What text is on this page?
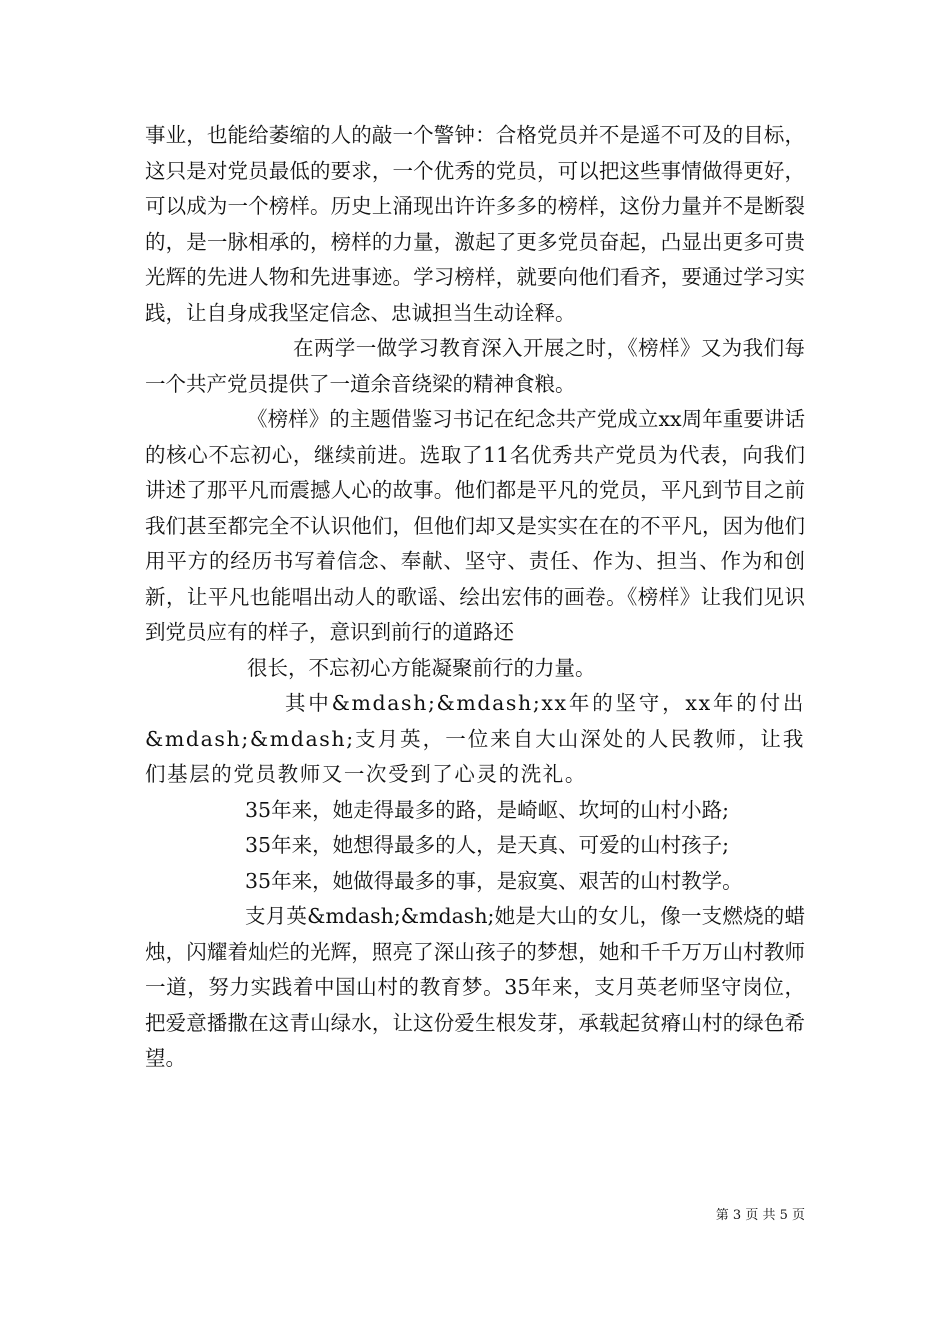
事业，也能给萎缩的人的敲一个警钟：合格党员并不是遥不可及的目标，这只是对党员最低的要求，一个优秀的党员，可以把这些事情做得更好，可以成为一个榜样。历史上涌现出许许多多的榜样，这份力量并不是断裂的，是一脉相承的，榜样的力量，激起了更多党员奋起，凸显出更多可贵光辉的先进人物和先进事迹。学习榜样，就要向他们看齐，要通过学习实践，让自身成我坚定信念、忠诚担当生动诠释。

在两学一做学习教育深入开展之时，《榜样》又为我们每一个共产党员提供了一道余音绕梁的精神食粮。

《榜样》的主题借鉴习书记在纪念共产党成立xx周年重要讲话的核心不忘初心，继续前进。选取了11名优秀共产党员为代表，向我们讲述了那平凡而震撼人心的故事。他们都是平凡的党员，平凡到节目之前我们甚至都完全不认识他们，但他们却又是实实在在的不平凡，因为他们用平方的经历书写着信念、奉献、坚守、责任、作为、担当、作为和创新，让平凡也能唱出动人的歌谣、绘出宏伟的画卷。《榜样》让我们见识到党员应有的样子，意识到前行的道路还

很长，不忘初心方能凝聚前行的力量。

其中&mdash;&mdash;xx年的坚守，xx年的付出&mdash;&mdash;支月英，一位来自大山深处的人民教师，让我们基层的党员教师又一次受到了心灵的洗礼。

35年来，她走得最多的路，是崎岖、坎坷的山村小路;

35年来，她想得最多的人，是天真、可爱的山村孩子;

35年来，她做得最多的事，是寂寞、艰苦的山村教学。

支月英&mdash;&mdash;她是大山的女儿，像一支燃烧的蜡烛，闪耀着灿烂的光辉，照亮了深山孩子的梦想，她和千千万万山村教师一道，努力实践着中国山村的教育梦。35年来，支月英老师坚守岗位，把爱意播撒在这青山绿水，让这份爱生根发芽，承载起贫瘠山村的绿色希望。

第 3 页 共 5 页
